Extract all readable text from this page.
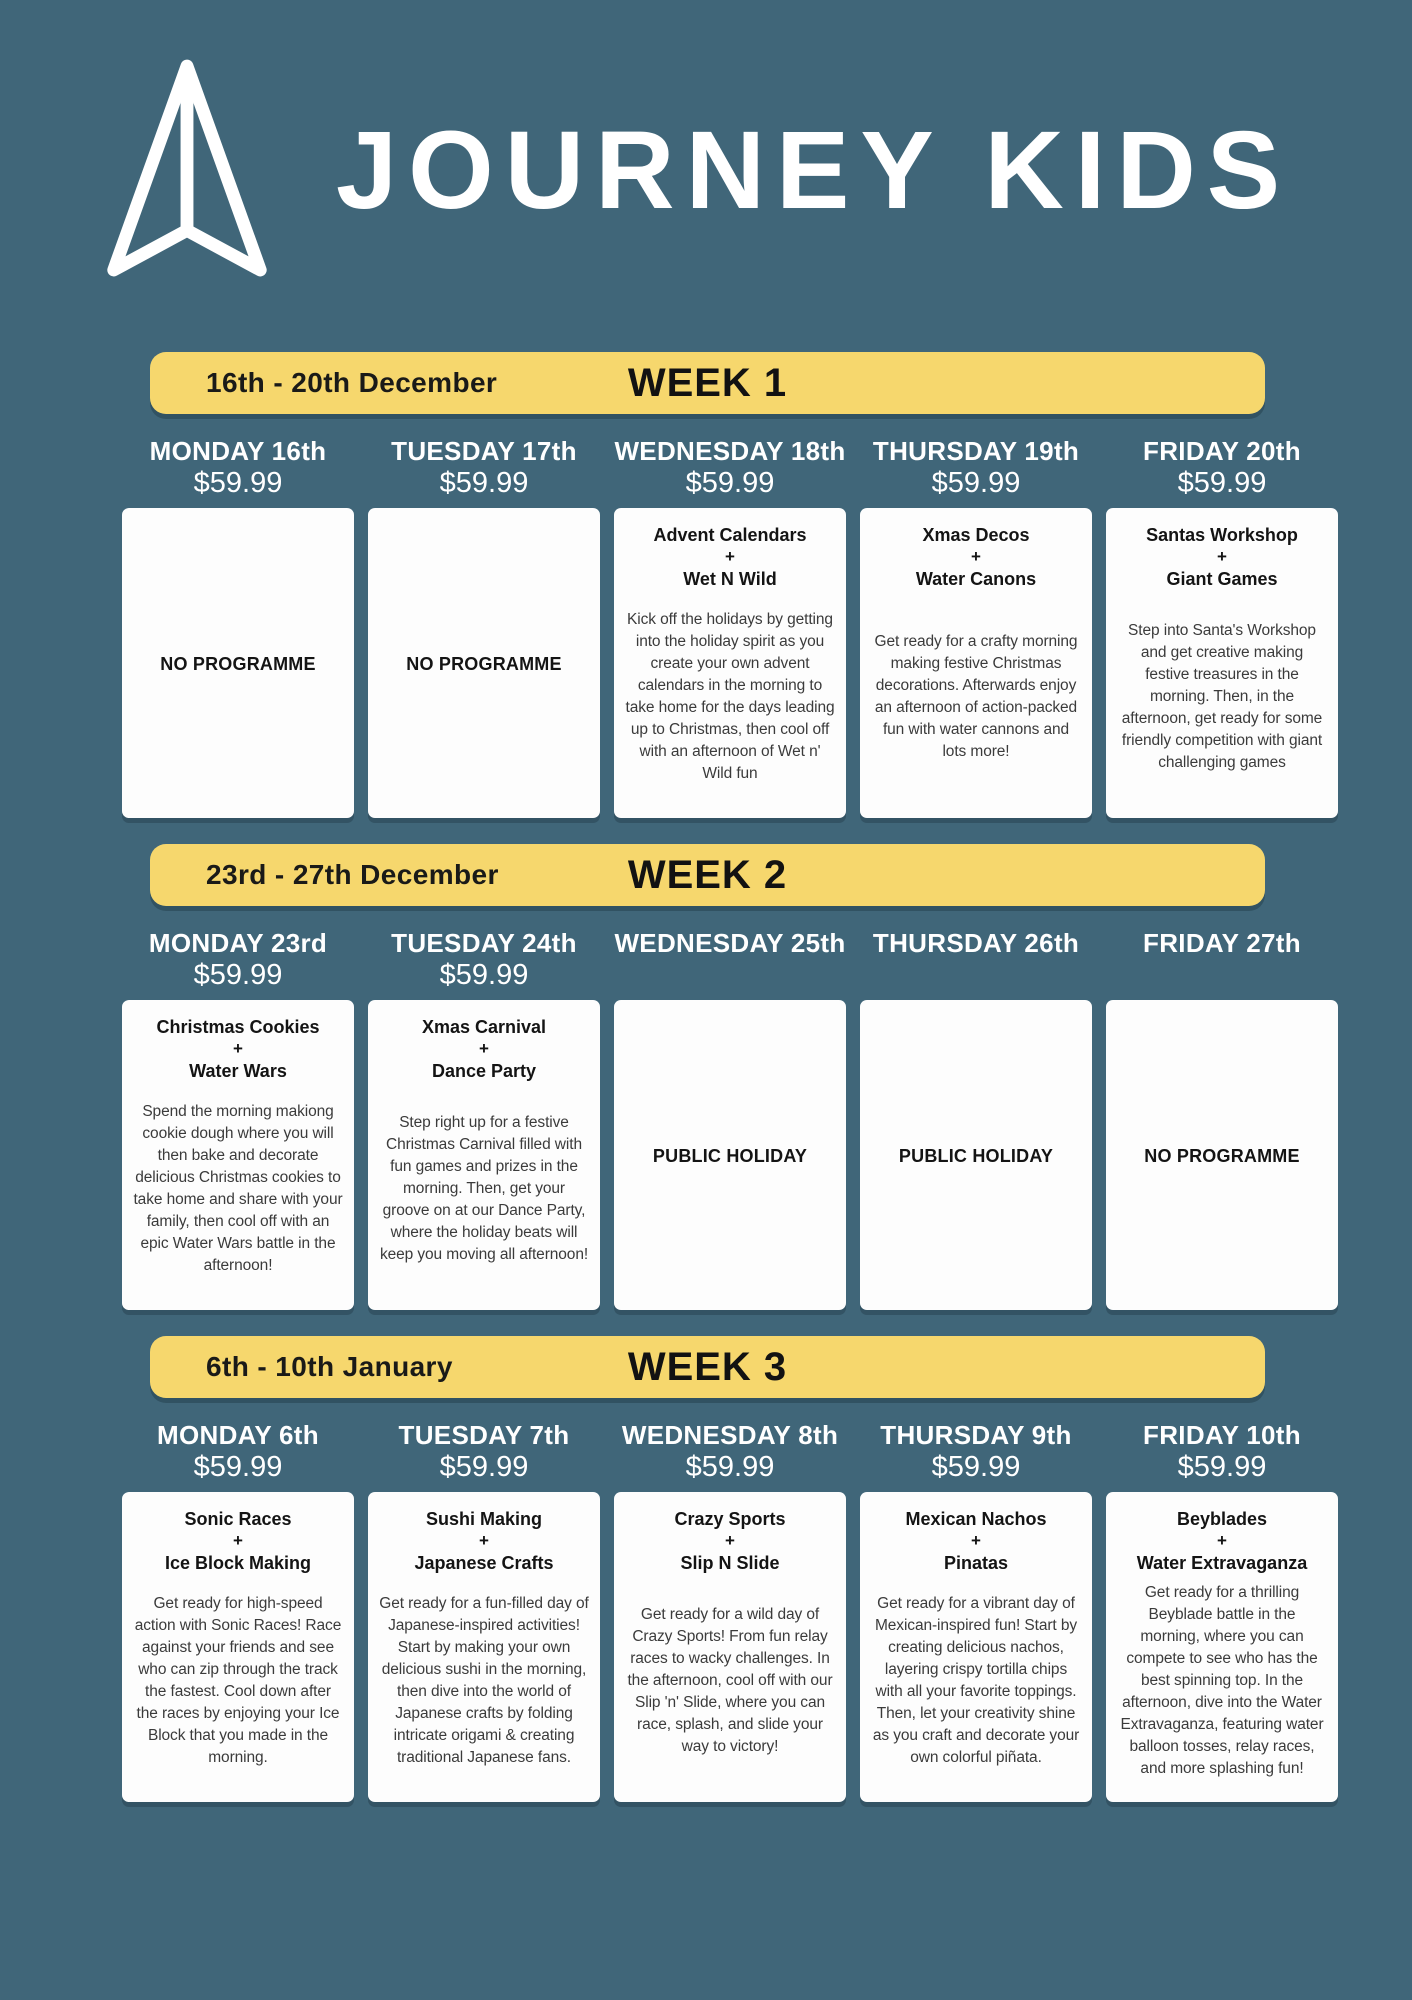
JOURNEY KIDS
16th - 20th December	WEEK 1
MONDAY 16th
$59.99
NO PROGRAMME
TUESDAY 17th
$59.99
NO PROGRAMME
WEDNESDAY 18th
$59.99
Advent Calendars
+
Wet N Wild

Kick off the holidays by getting into the holiday spirit as you create your own advent calendars in the morning to take home for the days leading up to Christmas, then cool off with an afternoon of Wet n' Wild fun

THURSDAY 19th
$59.99
Xmas Decos
+
Water Canons

Get ready for a crafty morning making festive Christmas decorations. Afterwards enjoy an afternoon of action-packed fun with water cannons and lots more!

FRIDAY 20th
$59.99
Santas Workshop
+
Giant Games

Step into Santa's Workshop and get creative making festive treasures in the morning. Then, in the afternoon, get ready for some friendly competition with giant challenging games

23rd - 27th December	WEEK 2
MONDAY 23rd
$59.99
Christmas Cookies
+
Water Wars

Spend the morning makiong cookie dough where you will then bake and decorate delicious Christmas cookies to take home and share with your family, then cool off with an epic Water Wars battle in the afternoon!

TUESDAY 24th
$59.99
Xmas Carnival
+
Dance Party

Step right up for a festive Christmas Carnival filled with fun games and prizes in the morning. Then, get your groove on at our Dance Party, where the holiday beats will keep you moving all afternoon!

WEDNESDAY 25th
PUBLIC HOLIDAY
THURSDAY 26th
PUBLIC HOLIDAY
FRIDAY 27th
NO PROGRAMME
6th - 10th January	WEEK 3
MONDAY 6th
$59.99
Sonic Races
+
Ice Block Making

Get ready for high-speed action with Sonic Races! Race against your friends and see who can zip through the track the fastest. Cool down after the races by enjoying your Ice Block that you made in the morning.

TUESDAY 7th
$59.99
Sushi Making
+
Japanese Crafts

Get ready for a fun-filled day of Japanese-inspired activities! Start by making your own delicious sushi in the morning, then dive into the world of Japanese crafts by folding intricate origami & creating traditional Japanese fans.

WEDNESDAY 8th
$59.99
Crazy Sports
+
Slip N Slide

Get ready for a wild day of Crazy Sports! From fun relay races to wacky challenges. In the afternoon, cool off with our Slip 'n' Slide, where you can race, splash, and slide your way to victory!

THURSDAY 9th
$59.99
Mexican Nachos
+
Pinatas

Get ready for a vibrant day of Mexican-inspired fun! Start by creating delicious nachos, layering crispy tortilla chips with all your favorite toppings. Then, let your creativity shine as you craft and decorate your own colorful piñata.

FRIDAY 10th
$59.99
Beyblades
+
Water Extravaganza

Get ready for a thrilling Beyblade battle in the morning, where you can compete to see who has the best spinning top. In the afternoon, dive into the Water Extravaganza, featuring water balloon tosses, relay races, and more splashing fun!
